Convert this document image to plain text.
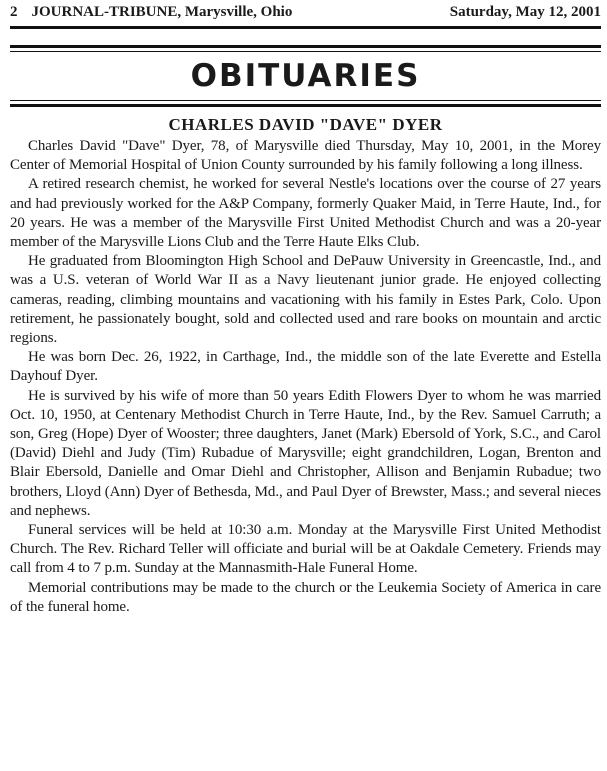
2 JOURNAL-TRIBUNE, Marysville, Ohio	Saturday, May 12, 2001
OBITUARIES
CHARLES DAVID "DAVE" DYER

Charles David "Dave" Dyer, 78, of Marysville died Thursday, May 10, 2001, in the Morey Center of Memorial Hospital of Union County surrounded by his family following a long illness.

A retired research chemist, he worked for several Nestle's locations over the course of 27 years and had previously worked for the A&P Company, formerly Quaker Maid, in Terre Haute, Ind., for 20 years. He was a member of the Marysville First United Methodist Church and was a 20-year member of the Marysville Lions Club and the Terre Haute Elks Club.

He graduated from Bloomington High School and DePauw University in Greencastle, Ind., and was a U.S. veteran of World War II as a Navy lieutenant junior grade. He enjoyed collecting cameras, reading, climbing mountains and vacationing with his family in Estes Park, Colo. Upon retirement, he passionately bought, sold and collected used and rare books on mountain and arctic regions.

He was born Dec. 26, 1922, in Carthage, Ind., the middle son of the late Everette and Estella Dayhouf Dyer.

He is survived by his wife of more than 50 years Edith Flowers Dyer to whom he was married Oct. 10, 1950, at Centenary Methodist Church in Terre Haute, Ind., by the Rev. Samuel Carruth; a son, Greg (Hope) Dyer of Wooster; three daughters, Janet (Mark) Ebersold of York, S.C., and Carol (David) Diehl and Judy (Tim) Rubadue of Marysville; eight grandchildren, Logan, Brenton and Blair Ebersold, Danielle and Omar Diehl and Christopher, Allison and Benjamin Rubadue; two brothers, Lloyd (Ann) Dyer of Bethesda, Md., and Paul Dyer of Brewster, Mass.; and several nieces and nephews.

Funeral services will be held at 10:30 a.m. Monday at the Marysville First United Methodist Church. The Rev. Richard Teller will officiate and burial will be at Oakdale Cemetery. Friends may call from 4 to 7 p.m. Sunday at the Mannasmith-Hale Funeral Home.

Memorial contributions may be made to the church or the Leukemia Society of America in care of the funeral home.
